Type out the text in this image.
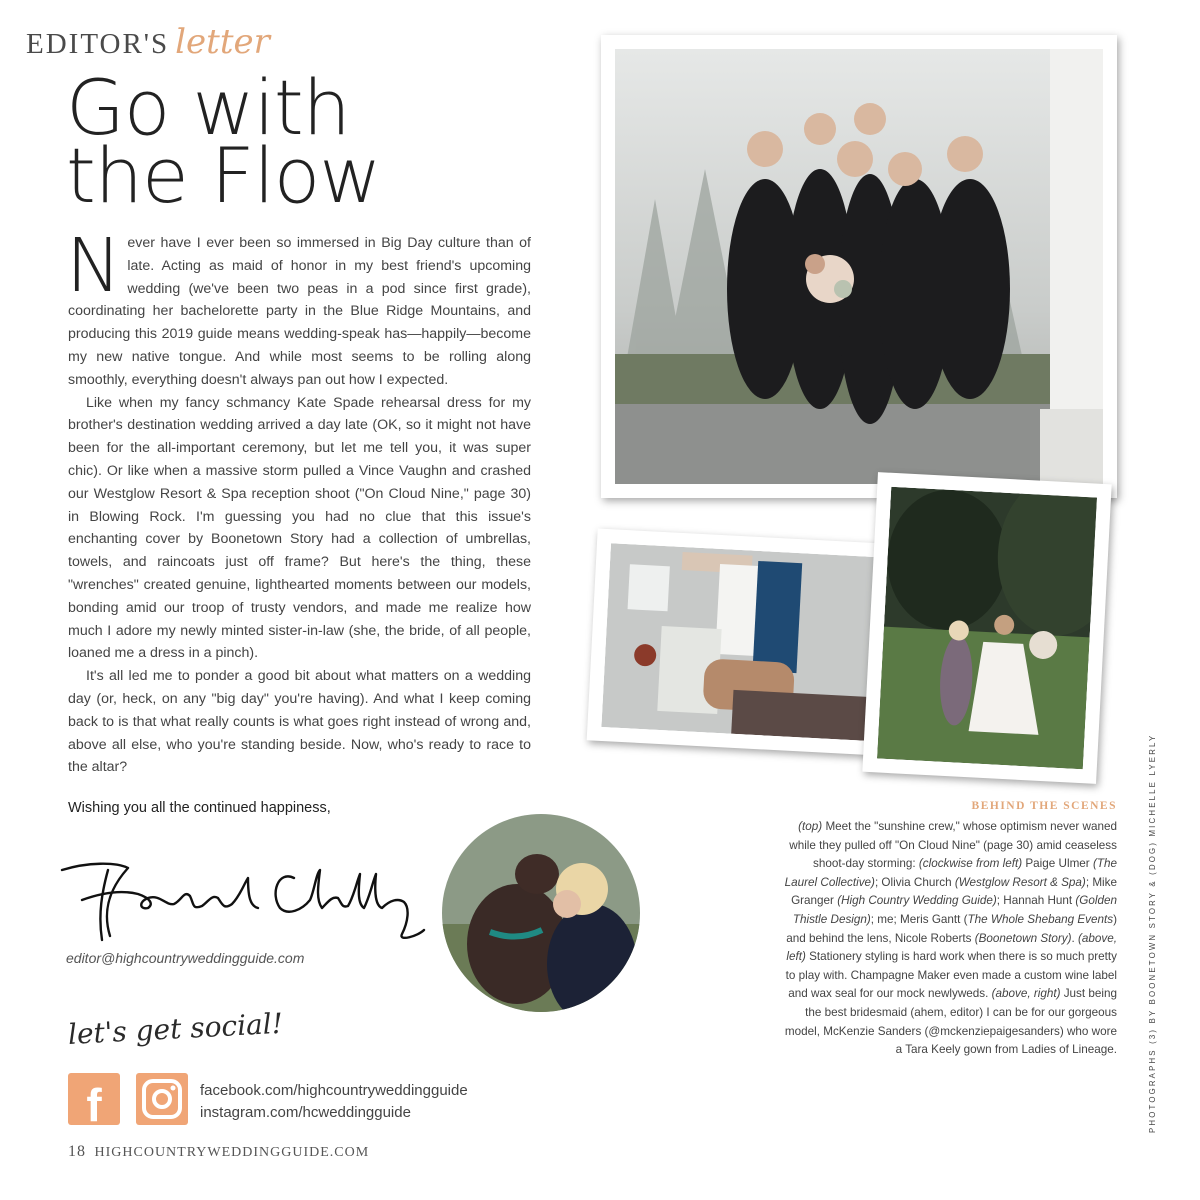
EDITOR'S letter
Go with
the Flow

Never have I ever been so immersed in Big Day culture than of late. Acting as maid of honor in my best friend's upcoming wedding (we've been two peas in a pod since first grade), coordinating her bachelorette party in the Blue Ridge Mountains, and producing this 2019 guide means wedding-speak has—happily—become my new native tongue. And while most seems to be rolling along smoothly, everything doesn't always pan out how I expected.

Like when my fancy schmancy Kate Spade rehearsal dress for my brother's destination wedding arrived a day late (OK, so it might not have been for the all-important ceremony, but let me tell you, it was super chic). Or like when a massive storm pulled a Vince Vaughn and crashed our Westglow Resort & Spa reception shoot ("On Cloud Nine," page 30) in Blowing Rock. I'm guessing you had no clue that this issue's enchanting cover by Boonetown Story had a collection of umbrellas, towels, and raincoats just off frame? But here's the thing, these "wrenches" created genuine, lighthearted moments between our models, bonding amid our troop of trusty vendors, and made me realize how much I adore my newly minted sister-in-law (she, the bride, of all people, loaned me a dress in a pinch).

It's all led me to ponder a good bit about what matters on a wedding day (or, heck, on any "big day" you're having). And what I keep coming back to is that what really counts is what goes right instead of wrong and, above all else, who you're standing beside. Now, who's ready to race to the altar?

Wishing you all the continued happiness,
editor@highcountryweddingguide.com
let's get social!
f	facebook.com/highcountryweddingguide
instagram.com/hcweddingguide
18 HIGHCOUNTRYWEDDINGGUIDE.COM
BEHIND THE SCENES
(top) Meet the "sunshine crew," whose optimism never waned while they pulled off "On Cloud Nine" (page 30) amid ceaseless shoot-day storming: (clockwise from left) Paige Ulmer (The Laurel Collective); Olivia Church (Westglow Resort & Spa); Mike Granger (High Country Wedding Guide); Hannah Hunt (Golden Thistle Design); me; Meris Gantt (The Whole Shebang Events) and behind the lens, Nicole Roberts (Boonetown Story). (above, left) Stationery styling is hard work when there is so much pretty to play with. Champagne Maker even made a custom wine label and wax seal for our mock newlyweds. (above, right) Just being the best bridesmaid (ahem, editor) I can be for our gorgeous model, McKenzie Sanders (@mckenziepaigesanders) who wore a Tara Keely gown from Ladies of Lineage.	PHOTOGRAPHS (3) BY BOONETOWN STORY & (DOG) MICHELLE LYERLY
